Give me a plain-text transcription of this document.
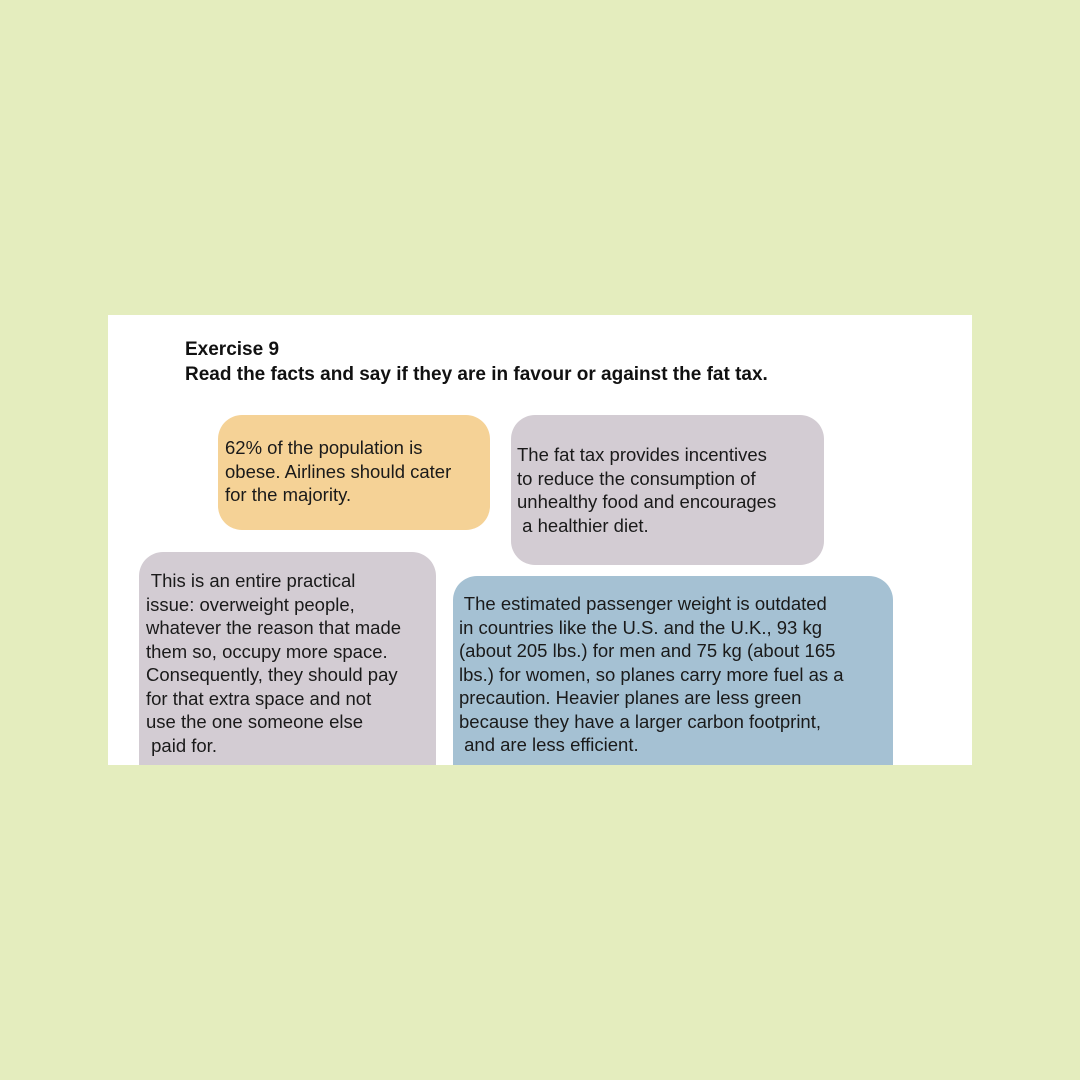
Exercise 9
Read the facts and say if they are in favour or against the fat tax.
62% of the population is
obese. Airlines should cater
for the majority.
The fat tax provides incentives
to reduce the consumption of
unhealthy food and encourages
a healthier diet.
This is an entire practical
issue: overweight people,
whatever the reason that made
them so, occupy more space.
Consequently, they should pay
for that extra space and not
use the one someone else
paid for.
The estimated passenger weight is outdated
in countries like the U.S. and the U.K., 93 kg
(about 205 lbs.) for men and 75 kg (about 165
lbs.) for women, so planes carry more fuel as a
precaution. Heavier planes are less green
because they have a larger carbon footprint,
and are less efficient.
